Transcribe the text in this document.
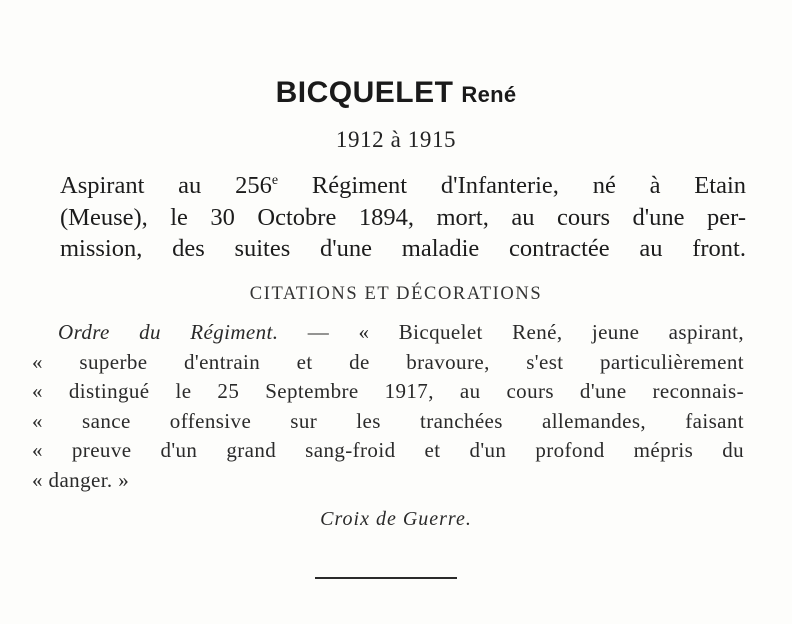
BICQUELET René
1912 à 1915
Aspirant au 256e Régiment d'Infanterie, né à Etain
(Meuse), le 30 Octobre 1894, mort, au cours d'une per-
mission, des suites d'une maladie contractée au front.
CITATIONS ET DÉCORATIONS
Ordre du Régiment. — « Bicquelet René, jeune aspirant,
« superbe d'entrain et de bravoure, s'est particulièrement
« distingué le 25 Septembre 1917, au cours d'une reconnais-
« sance offensive sur les tranchées allemandes, faisant
« preuve d'un grand sang-froid et d'un profond mépris du
« danger. »
Croix de Guerre.
